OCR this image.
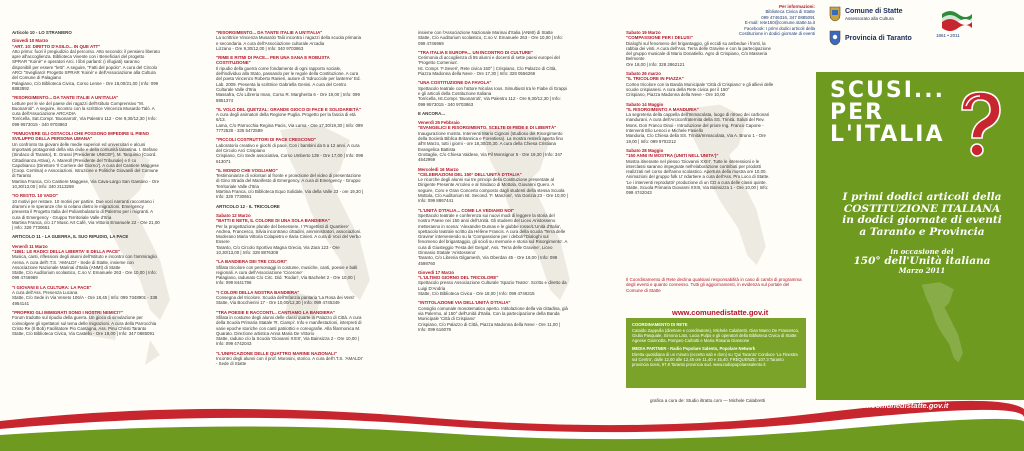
Articolo 10 - LO STRANIERO
Giovedì 10 Marzo
"ART. 10: DIRITTO D'ASILO... IN QUE ATT"
Atto primo: fuori il pregiudizio dal percorso. Atto secondo: il pensiero liberato apre all'accoglienza. Biblioteca Vivente con i Beneficiari del progetto SPRAR "Koinè" e operatori Arci. I libri parlanti: (i rifugiati) saranno disponibili per essere "letti". A seguire, "Fatti del popolo". A cura del Circolo ARCI "Svegliarci! Progetto SPRAR 'Koinè' e dell'Associazione alla Cultura del Comune di Palagiano
Palagiano, C/o Biblioteca Civica, Corso Lenne - Ore 18,00/21,00 | Info: 099 8882892
"RISORGIMENTO... DA TANTE ITALIE A UN'ITALIA"
Letture per le vie del paese dei ragazzi dell'Istituto Comprensivo "M. Buonarroti". A seguire, incontro con la scrittrice Vincenza Musardo Talò. A cura dell'Associazione ARCADIA
Torricella, Sat.Compr. 'Buonarroti', Via Palestro 112 - Ore 9,30/12,30 | Info: 099 9573015 - 340 9703863
"RIMUOVERE GLI OSTACOLI CHE POSSONO IMPEDIRE IL PIENO SVILUPPO DELLA PERSONA UMANA"
Un confronto tra giovani delle medie superiori ed universitari e alcuni importanti protagonisti della vita civile e della comunità tarantina. I. Stefano (Sindaco di Taranto), E. Grassi (Presidente UNICEF), M. Tarquinio (Coord. Cittadinanza Attiva), A. Mareüll (Presidente del Tribunale) e Il co Capobianco (Direttore 'Il Corriere del Giorno'). A cura del Cantiere Maggese (Coop. Certima) e Associazioni. Istruzione e Politiche Giovanili del Comune di Taranto
Martina Franca, C/o Cantiere Maggese, Via Cava-Largo San Gaetano - Ore 10,30/13,00 | Info: 340 2113259
"IO RESTO. 10 VADO"
10 motivi per restare. 10 motivi per partire. Due voci narranti raccontano i drammi e le speranze che si celano dietro le migrazioni. Emergency presenta il Progetto Italia del Poliambulatorio di Palermo per i migranti. A cura di Emergency - Gruppo Territoriale Valle d'Itria
Martina Franca, c/o 17 Music Art Café, Via Vittorio Emanuele 22 - Ore 21,00 | Info: 329 7730651
ARTICOLO 11 - LA GUERRA, IL SUO RIPUDIO, LA PACE
Venerdì 11 Marzo
"1861: LE RADICI DELLA LIBERTA' E DELLA PACE"
Musica, canti, riflessioni degli alunni dell'Istituto e incontro con l'ammiraglio Arena. A cura dell'I.T.S. 'AMALDI' - Sede di Statte, insieme con Associazione Nazionale Marinai d'Italia (ANMI) di Statte
Statte, C/o Auditorium scolastico, C.so V. Emanuele 263 - Ore 10,00 | Info: 099 4746969
"I GIOVANI E LA CULTURA: LA PACE"
A cura dell'Ass. Presenza Lucana
Statte, C/o Sede in Via Veneto 106/A - Ore 18,45 | Info: 099 7348901 - 338 4954141
"PROPRIO GLI IMMIGRATI SONO I NOSTRI NEMICI?"
Forum tradotte sul ripudio della guerra. Un gioco di simulazione per coinvolgere gli spettatori sul tema delle migrazioni. A cura della Parrocchia Cristo Re (Il Bob) Facilitatore Pio Cantagna, Ass. Pinu Christi Taranto
Statte, C/o Biblioteca Civica, Via Castello - Ore 18,00 | Info: 347 0885091
"RISORGIMENTO... DA TANTE ITALIE A UN'ITALIA"
La scrittrice Vincenza Musardo Talò incontra i ragazzi della scuola primaria e secondaria. A cura dell'Associazione culturale Arcadia
Lizzano - Ore 9,30/12,00 | Info: 340 9703863
"RIME E RITMI DI PACE... PER UNA SANA E ROBUSTA COSTITUZIONE"
Il ripudio della guerra come fondamento di ogni rapporto sociale, dell'individuo alla Stato, passando per le regole della Costituzione. A cura del poeta Vincenzo Roberto Ranieri, autore di 'Sdrucciole per lanterne' Ed. Lab. 2009. Presenta la scrittrice Gabriella Genisi. A cura del Centro Culturale Valle d'Itria
Massafra, C/o Libreria Iman, Corso R. Margherita 6 - Ore 19,00 | Info: 099 8851374
"IL VOLO DEL QUETZAL: GRANDE GIOCO DI PACE E SOLIDARIETÀ"
A cura degli animatori della Regione Puglia. Progetto per la fascia di età 6/13.
Lama, C/o Parrocchia Regina Pacis, Via Lama - Ore 17,30/19,30 | Info: 099 7772528 - 335 5472589
"PICCOLI COSTRUTTORI DI PACE CRESCONO"
Laboratorio creativo e giochi di pace. Con i bambini da 5 a 12 anni. A cura del Circolo Arci Crispiano
Crispiano, C/o Sede associativa, Corso Umberto 139 - Ore 17,00 | Info: 099 613071
"IL MONDO CHE VOGLIAMO"
Testimonianze di volontari al fronte e proiezione del video di presentazione di Gino Strada del Manifesto di Emergency. A cura di Emergency - Gruppo Territoriale Valle d'Itria
Martina Franca, c/o Biblioteca Equo Solidale, Via della Valle 23 - ore 19,30 | Info: 329 7730651
ARTICOLO 12 - IL TRICOLORE
Sabato 12 Marzo
"BATTI E NETE, IL COLORE DI UNA SOLA BANDIERA"
Per la progettazione plurale del benessere. I 'Progettisti di Quartiere' Andrea, Francesco, Silvia incontrano cittadini, amministratori, associazioni. Moderano Maria Vittoria Colapietro e Ilaria Cinieri. A cura di Voci del Verbo Essere
Taranto, C/o Circolo Sportivo Magna Grecia, Via Zara 123 - Ore 10,30/13,00 | Info: 328 8876308
"LA BANDIERA DEI TRE COLORI"
Sfilata tricolore con personaggi in costume, musiche, canti, poesie e balli regionali. A cura dell'Associazione 'Cicerone'
Palagiano, radunato C/o Circ. Did. 'Rodari', Via Bachelet 2 - Ore 10,00 | Info: 099 8441796
"I COLORI DELLA NOSTRA BANDIERA"
Consegna del tricolore. Scuola dell'Infanzia paritaria 'La Rosa dei Venti'
Statte, Via Bocchierini 17 - Ore 10,00/12,30 | Info: 099 4745349
"TRA POESIE E RACCONTI... CANTIAMO LA BANDIERA"
Sfilata in costume degli alunni delle classi quarte in Palazzo di Città. A cura della Scuola Primaria Statale 'R. Ciampi'. Info e manifestazioni, interpreti di varie epoche storiche con canti patriottici e coreografie. Alla filarmonica M. Quarato. Direzione artistica Anna Maria De Vittorio
Statte, raduno c/o la Scuola 'Giovanni XXIII', Via Bainsizza 2 - Ore 10,00 | Info: 099 4742043
"L'UNIFICAZIONE DELLE QUATTRO MARINE NAZIONALI"
Incontro degli alunni con il prof. Morosini, storico. A cura dell'I.T.S. 'AMALDI' - Sede di Statte
insieme con l'Associazione Nazionale Marinai d'Italia (ANMI) di Statte
Statte, C/o Auditorium scolastico, C.so V. Emanuele 263 - Ore 10,00 | Info: 099 4746969
"TRA ITALIA E EUROPA... UN INCONTRO DI CULTURE"
Cerimonia di accoglienza di 55 alunni e docenti di sette paesi europei del 'Progetto Comenius'.
Ist. Compr. 'F.Severi', Rete civica 150° | Crispiano, C/o Palazzo di Città, Piazza Madonna della Neve - Ore 17,30 | Info: 328 0556269
"UNA COSTITUZIONE DA FAVOLA"
Spettacolo teatrale con l'attore Nicolas Ioos. Simultiusti tra le Fiabe di Grappi e gli articoli della Costituzione Italiana
Torricella, Ist.Compr. 'Buonarroti', Via Palestro 112 - Ore 9,30/12,30 | Info: 099 9573015 - 340 9703863
E ANCORA...
Venerdì 25 Febbraio
"EVANGELICI E RISORGIMENTO. SCELTE DI FEDE E DI LIBERTÀ"
Inaugurazione mostra. Interventi Mario Cignoni (studioso del Risorgimento della Società Biblica Britannica e Forestiera). La mostra resterà aperta fino all'8 Marzo, tutti i giorni - ore 18,30/20,30. A cura della Chiesa Cristiana Evangelica Battista
Grottaglie, C/o Chiesa Valdese, Via Pil Monsignor 5 - Ore 19,30 | Info: 347 4542969
Mercoledì 16 Marzo
"CELEBRAZIONI DEL 150° DELL'UNITÀ D'ITALIA"
Le ricorche degli alunni sui tre principi della Costituzione presentate al Dirigente Presente Arcoleo e al Sindaco di Mottola, Giovanni Quero. A seguire, Coro e Gran Concerto composto dagli studenti della stessa Scuola
Mottola, C/o Auditorium Ist. Second. 'F. Manzoni', Via Gorizia 23 - Ore 10,00 | Info: 099 8867441
"L'UNITÀ D'ITALIA... COME LA VEDIAMO NOI"
Spettacolo teatrale e conferenza sui nuovi modi di leggere la storia del nostro Paese nei 150 anni dell'Unità. Gli studenti del Liceo Aristosseno metteranno in scena: 'Alexandre Dumas e le giubbe rosse/L'Unità d'Italia', spettacolo teatrale scritto da Hélène Francis. A cura della scuola 'Terra delle Gravine' intervenendo su la 'Compassione per i deboli'/'Dialoghi sul fenomeno del brigantaggio, gli scioli su memorie e storia sul Risorgimento'. A cura di Giusteggio 'Festa del Gergal', Ass. 'Terra delle Gravine', Liceo Ginnasio Statale 'Aristosseno'
Taranto, C/o Libreria Gilgamesh, Via Oberdan 45 - Ore 18,00 | Info: 099 4598760
Giovedì 17 Marzo
"L'ULTIMO GIORNO DEL TRICOLORE"
Spettacolo presso Associazione Culturale 'Spazio Teatro'. Scritto e diretto da Luigi D'Andria
Statte, C/o Biblioteca Civica - Ore 18,00 | Info: 099 4746315
"INTITOLAZIONE VIA DELL'UNITÀ D'ITALIA"
Consiglio comunale monotematico aperto. Intitolazione della via cittadina, già via Palermo, al 150° dell'Unità d'Italia. Con la partecipazione della Banda Municipale 'Città di Crispiano'
Crispiano, C/o Palazzo di Città, Piazza Madonna della Neve - Ore 11,00 | Info: 099 616079
Sabato 19 Marzo
"COMPASSIONE PER I DELUSI"
Dialoghi sul fenomeno del brigantaggio, gli eccidi su ambedue i fronti, la rabbia dei vinti. A cura dell'Ass. Terra delle Gravine e con la partecipazione del gruppo musicale di Mario Donatiello. Agro di Crispiano, C/o Masseria Belmonte
Ore 18,00 | Info: 328 2862121
Sabato 26 marzo
"IL TRICOLORE IN PIAZZA"
Corteo tricolore con la Banda Municipale 'Città di Crispiano' e gli allievi delle scuole crispianesi. A cura della Rete civica per il 150°
Crispiano, Piazza Madonna della Neve - Ore 10,00
Sabato 14 Maggio
"IL RISORGIMENTO A MANDURIA"
La segreteria della cappella dell'Immacolata, luogo di ritrovo dei carbonari mandurani. A cura dell'Arciconfraternita della SS. Trinità. Saluti del Rev. Mons. Don Franco Dinoi - Introduzione del priore Ing. Franco Capone - Interventi Elio Lenoci e Michele Fasiello
Manduria, C/o Chiesa della SS. Trinità/Immacolata, Via A. Bruno 1 - Ore 19,00 | Info: 099 9702212
Sabato 28 Maggio
"150 ANNI IN MOSTRA (UNITI NELL'UNITA')"
Mostra itinerante nel plesso 'Giovanni XXIII'. Tutte le interessioni e le interclassi saranno impegnate nell'elaborazione contributi per prodotti realizzati nel corso dell'anno scolastico. Apertura della mostra ore 10,00. Animazioni del gruppo folk U' ndartiere a cura dell'Ass. Pro Loco di Statte. 'Le i interventi reproduttri' produzione di un CD a cura delle classi quinte.
Statte, Scuola Primaria Giovanni XXIII, Via Bainsizza 1 - Ore 10,00 | Info: 099 4742043
Il Coordinamento di Rete declina qualsiasi responsabilità in caso di cambi di programma degli eventi e quanto connesso. Tutti gli aggiornamenti, in evidenza sul portale del Comune di Statte
www.comunedistatte.gov.it
COORDINAMENTO DI RETE
Cataldo Zappulla (direttore e coordinatore), Michele Calabretti, Gian Marco De Francesco, Giulia Pasquale, Simona Lato, Lucia Pulpo e gli operatori della Biblioteca Civica di Statte: Agnese Giannotta, Pompeo Carbotti e Maria Rosaria Giannone
MEDIA PARTNER - Radio Popolare Salento, Popolare Network
Diretta quotidiana di un minuto (eccetto sab e dom) su 'Qui Taranto' Conduce 'La Finestra sul Centro', dalle 12,00 alle 12,45 ore 11,40 e 15,40. FREQUENZE: 107.3 Taranto provincia scesi, 97.8 Taranto provincia sud. www.radiopopolaresalento.it
Per informazioni:
Biblioteca Civica di Statte
099 4746316, 347 0885091
E-mail: rete150@comune.statte.ta.it
Facebook: I primi dodici articoli della
Costituzione in dodici giornate di eventi
Comune di Statte
Assessorato alla Cultura
Provincia di Taranto	1861 • 2011
SCUSI...
PER
L'ITALIA
I primi dodici articoli della
COSTITUZIONE ITALIANA
in dodici giornate di eventi
a Taranto e Provincia
in occasione del
150° dell'Unità italiana
Marzo 2011
grafica a cura de: Studio iltratto.com — Michele Calabretti
www.comunedistatte.gov.it
